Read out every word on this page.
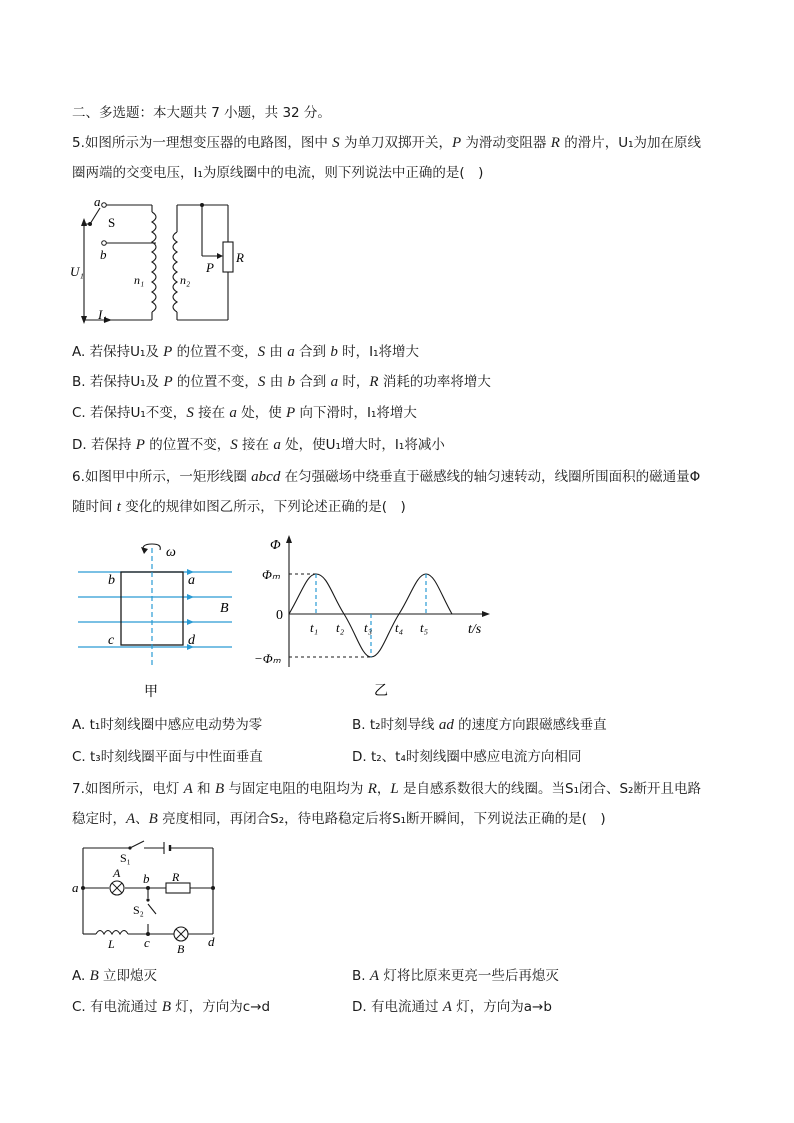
二、多选题：本大题共 7 小题，共 32 分。
5.如图所示为一理想变压器的电路图，图中 S 为单刀双掷开关，P 为滑动变阻器 R 的滑片，U₁为加在原线
圈两端的交变电压，I₁为原线圈中的电流，则下列说法中正确的是(　)
a
S
b
U₁
n₁	n₂
I₁
P
R
A. 若保持U₁及 P 的位置不变，S 由 a 合到 b 时，I₁将增大
B. 若保持U₁及 P 的位置不变，S 由 b 合到 a 时，R 消耗的功率将增大
C. 若保持U₁不变，S 接在 a 处，使 P 向下滑时，I₁将增大
D. 若保持 P 的位置不变，S 接在 a 处，使U₁增大时，I₁将减小
6.如图甲中所示，一矩形线圈 abcd 在匀强磁场中绕垂直于磁感线的轴匀速转动，线圈所围面积的磁通量Φ
随时间 t 变化的规律如图乙所示，下列论述正确的是(　)
ω
b	a
B
c	d
甲
Φ
Φₘ
0
−Φₘ
t₁ t₂ t₃ t₄ t₅	t/s
乙
A. t₁时刻线圈中感应电动势为零	B. t₂时刻导线 ad 的速度方向跟磁感线垂直
C. t₃时刻线圈平面与中性面垂直	D. t₂、t₄时刻线圈中感应电流方向相同
7.如图所示，电灯 A 和 B 与固定电阻的电阻均为 R，L 是自感系数很大的线圈。当S₁闭合、S₂断开且电路
稳定时，A、B 亮度相同，再闭合S₂，待电路稳定后将S₁断开瞬间，下列说法正确的是(　)
S₁
a
A b R
S₂
L c B d
A. B 立即熄灭	B. A 灯将比原来更亮一些后再熄灭
C. 有电流通过 B 灯，方向为c→d	D. 有电流通过 A 灯，方向为a→b
